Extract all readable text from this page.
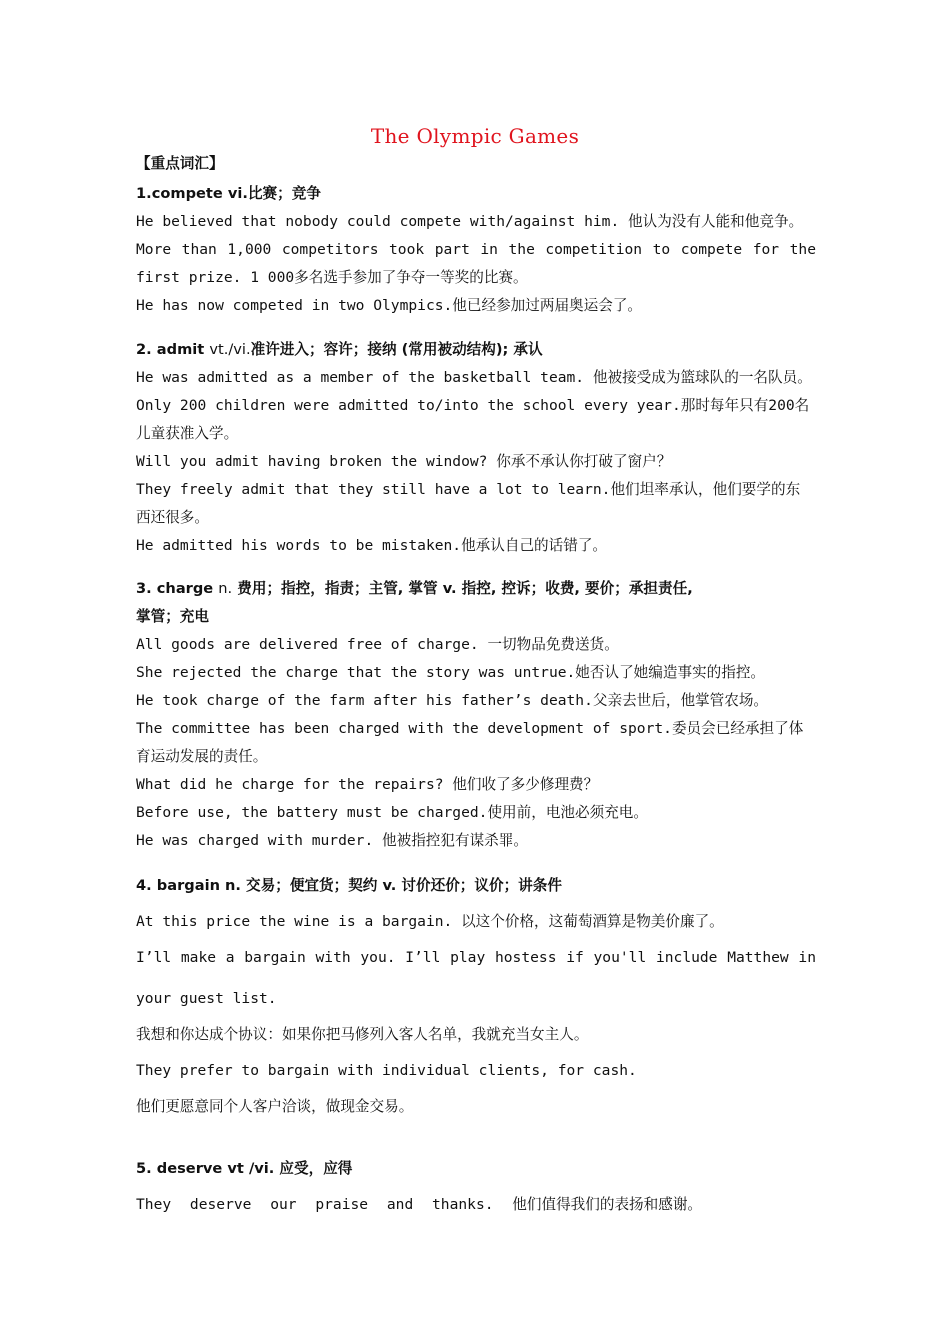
The Olympic Games
【重点词汇】
1.compete vi.比赛；竞争
He believed that nobody could compete with/against him. 他认为没有人能和他竞争。
More than 1,000 competitors took part in the competition to compete for the
first prize. 1 000多名选手参加了争夺一等奖的比赛。
He has now competed in two Olympics.他已经参加过两届奥运会了。
2. admit vt./vi.准许进入；容许；接纳 (常用被动结构); 承认
He was admitted as a member of the basketball team. 他被接受成为篮球队的一名队员。
Only 200 children were admitted to/into the school every year.那时每年只有200名
儿童获准入学。
Will you admit having broken the window? 你承不承认你打破了窗户？
They freely admit that they still have a lot to learn.他们坦率承认，他们要学的东
西还很多。
He admitted his words to be mistaken.他承认自己的话错了。
3. charge n. 费用；指控，指责；主管, 掌管 v. 指控, 控诉；收费, 要价；承担责任,
掌管；充电
All goods are delivered free of charge. 一切物品免费送货。
She rejected the charge that the story was untrue.她否认了她编造事实的指控。
He took charge of the farm after his father’s death.父亲去世后，他掌管农场。
The committee has been charged with the development of sport.委员会已经承担了体
育运动发展的责任。
What did he charge for the repairs? 他们收了多少修理费？
Before use, the battery must be charged.使用前，电池必须充电。
He was charged with murder. 他被指控犯有谋杀罪。
4. bargain n. 交易；便宜货；契约 v. 讨价还价；议价；讲条件
At this price the wine is a bargain. 以这个价格，这葡萄酒算是物美价廉了。
I’ll make a bargain with you. I’ll play hostess if you'll include Matthew in
your guest list.
我想和你达成个协议：如果你把马修列入客人名单，我就充当女主人。
They prefer to bargain with individual clients, for cash.
他们更愿意同个人客户洽谈，做现金交易。
5. deserve vt /vi. 应受，应得
They deserve our praise and thanks. 他们值得我们的表扬和感谢。
